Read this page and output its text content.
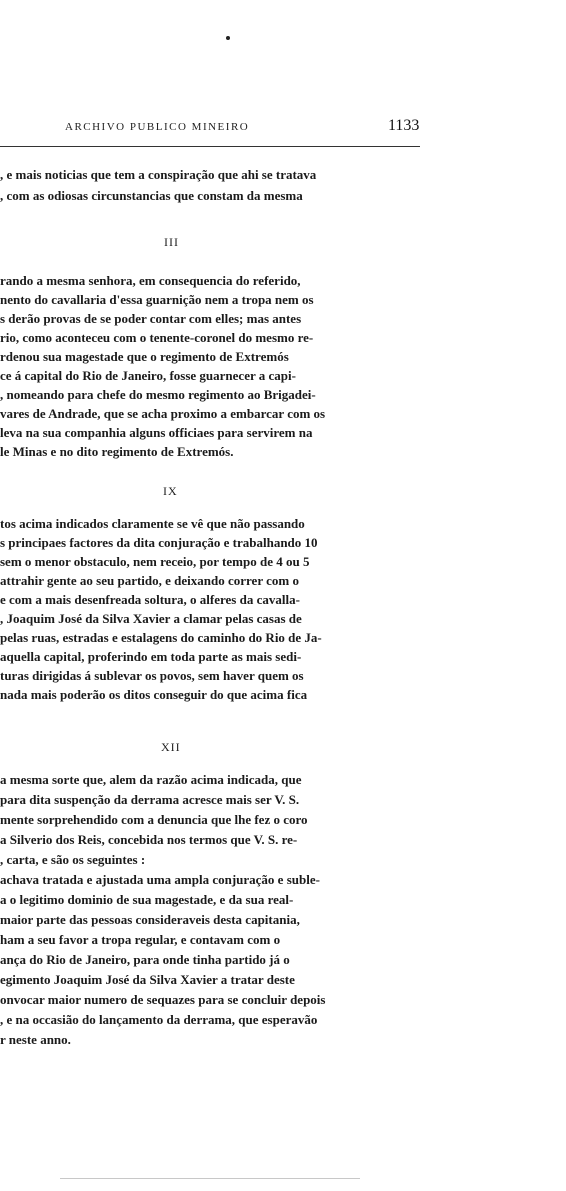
ARCHIVO PUBLICO MINEIRO	1133
, e mais noticias que tem a conspiração que ahi se tratava
, com as odiosas circunstancias que constam da mesma
III
rando a mesma senhora, em consequencia do referido,
nento do cavallaria d'essa guarnição nem a tropa nem os
s derão provas de se poder contar com elles; mas antes
rio, como aconteceu com o tenente-coronel do mesmo re-
rdenou sua magestade que o regimento de Extremós
ce á capital do Rio de Janeiro, fosse guarnecer a capi-
, nomeando para chefe do mesmo regimento ao Brigadei-
vares de Andrade, que se acha proximo a embarcar com os
leva na sua companhia alguns officiaes para servirem na
le Minas e no dito regimento de Extremós.
IX
tos acima indicados claramente se vê que não passando
s principaes factores da dita conjuração e trabalhando 10
sem o menor obstaculo, nem receio, por tempo de 4 ou 5
attrahir gente ao seu partido, e deixando correr com o
e com a mais desenfreada soltura, o alferes da cavalla-
, Joaquim José da Silva Xavier a clamar pelas casas de
pelas ruas, estradas e estalagens do caminho do Rio de Ja-
aquella capital, proferindo em toda parte as mais sedi-
turas dirigidas á sublevar os povos, sem haver quem os
nada mais poderão os ditos conseguir do que acima fica
XII
a mesma sorte que, alem da razão acima indicada, que
para dita suspenção da derrama acresce mais ser V. S.
mente sorprehendido com a denuncia que lhe fez o coro
a Silverio dos Reis, concebida nos termos que V. S. re-
, carta, e são os seguintes :
achava tratada e ajustada uma ampla conjuração e suble-
a o legitimo dominio de sua magestade, e da sua real-
maior parte das pessoas consideraveis desta capitania,
ham a seu favor a tropa regular, e contavam com o
ança do Rio de Janeiro, para onde tinha partido já o
egimento Joaquim José da Silva Xavier a tratar deste
onvocar maior numero de sequazes para se concluir depois
, e na occasião do lançamento da derrama, que esperavão
r neste anno.
